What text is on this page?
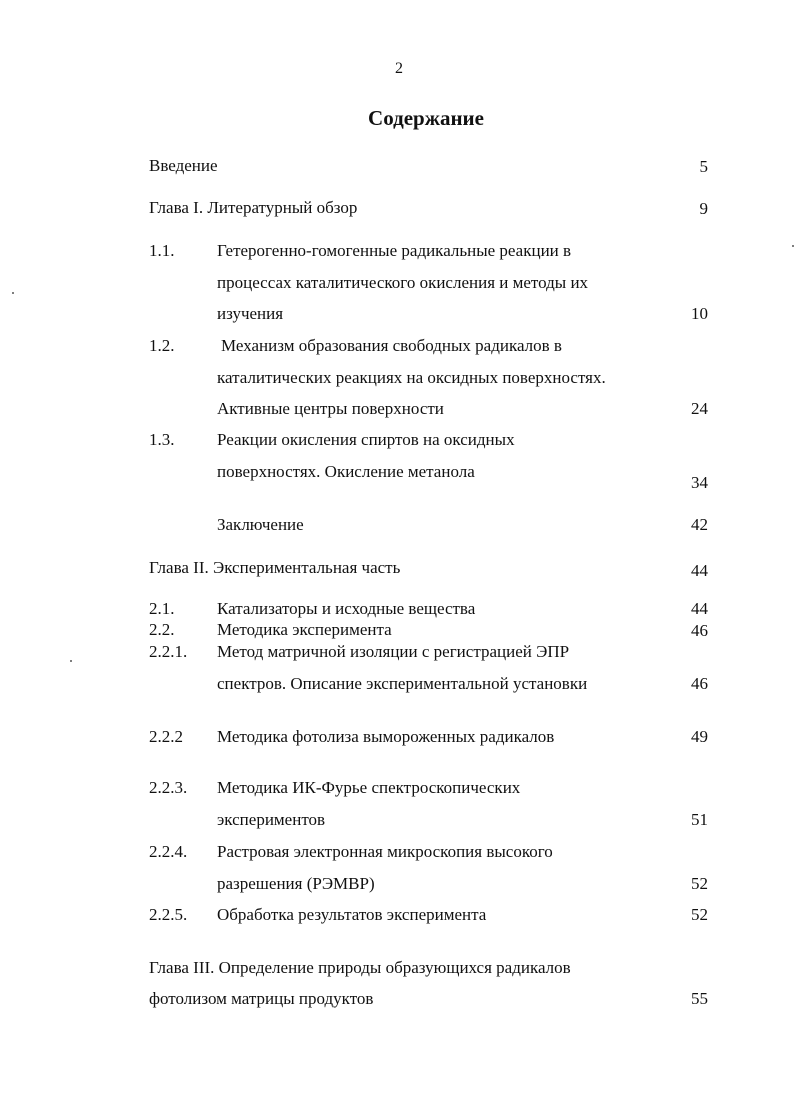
2
Содержание
Введение	5
Глава I. Литературный обзор	9
1.1.	Гетерогенно-гомогенные радикальные реакции в
процессах каталитического окисления и методы их
изучения	10
1.2.	Механизм образования свободных радикалов в
каталитических реакциях на оксидных поверхностях.
Активные центры поверхности	24
1.3.	Реакции окисления спиртов на оксидных
поверхностях. Окисление метанола
34
Заключение	42
Глава II. Экспериментальная часть	44
2.1.	Катализаторы и исходные вещества	44
2.2.	Методика эксперимента	46
2.2.1. Метод матричной изоляции с регистрацией ЭПР
спектров. Описание экспериментальной установки	46
2.2.2 Методика фотолиза вымороженных радикалов	49
2.2.3. Методика ИК-Фурье спектроскопических
экспериментов	51
2.2.4. Растровая электронная микроскопия высокого
разрешения (РЭМВР)	52
2.2.5. Обработка результатов эксперимента	52
Глава III. Определение природы образующихся радикалов
фотолизом матрицы продуктов	55
